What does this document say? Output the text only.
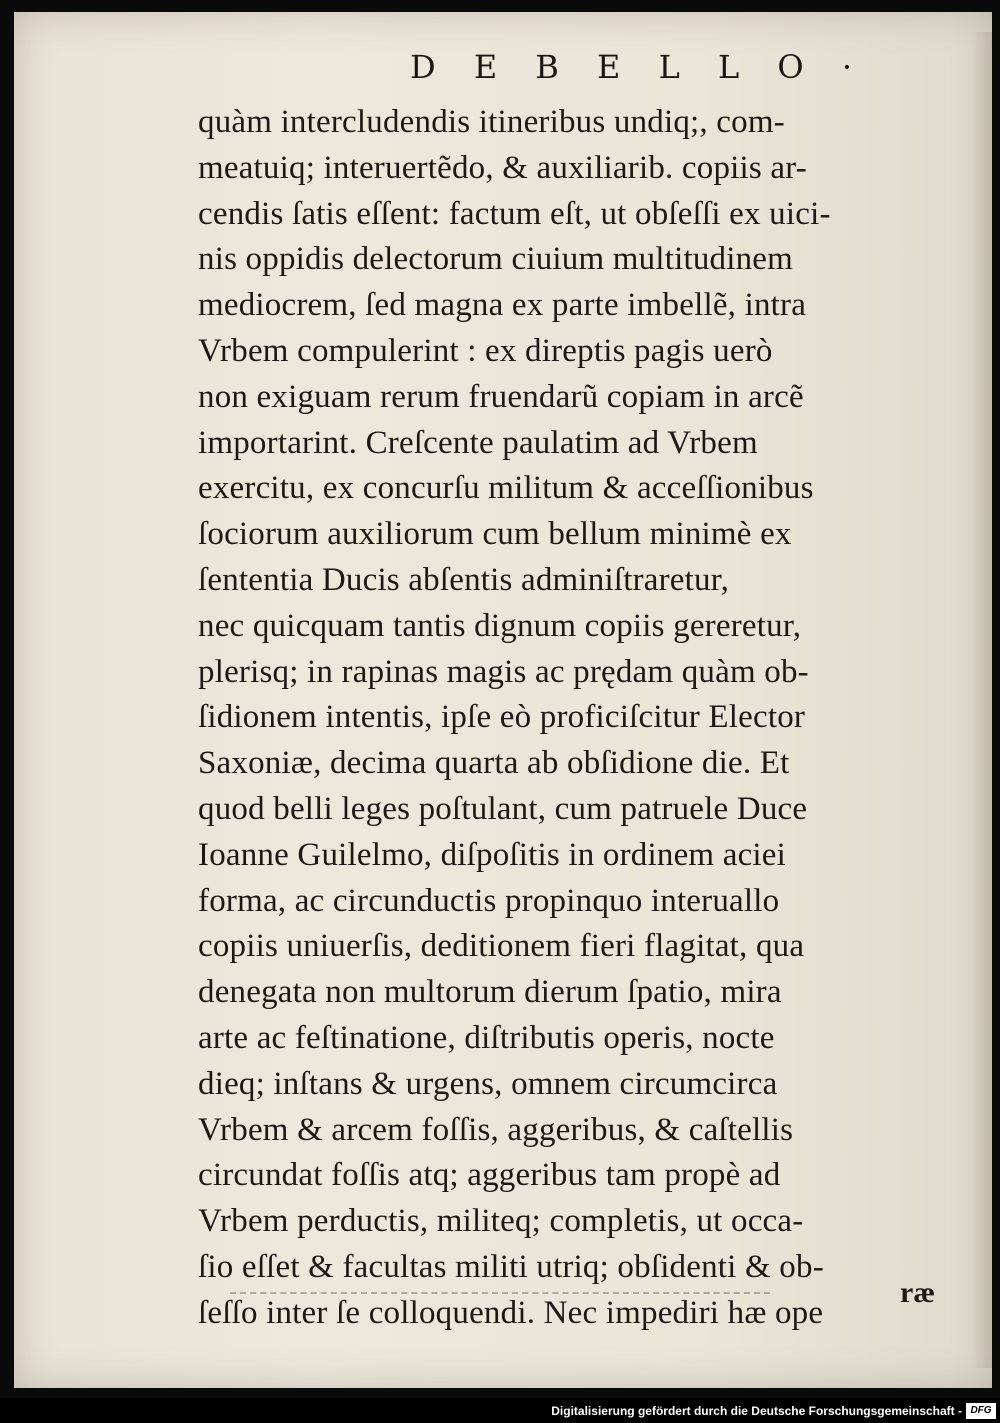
D E B E L L O ·
quàm intercludendis itineribus undiq;, com-
meatuiq; interuertẽdo, & auxiliarib. copiis ar-
cendis ſatis eſſent: factum eſt, ut obſeſſi ex uici-
nis oppidis delectorum ciuium multitudinem
mediocrem, ſed magna ex parte imbellẽ, intra
Vrbem compulerint : ex direptis pagis uerò
non exiguam rerum fruendarũ copiam in arcẽ
importarint. Creſcente paulatim ad Vrbem
exercitu, ex concurſu militum & acceſſionibus
ſociorum auxiliorum cum bellum minimè ex
ſententia Ducis abſentis adminiſtraretur,
nec quicquam tantis dignum copiis gereretur,
plerisq; in rapinas magis ac prędam quàm ob-
ſidionem intentis, ipſe eò proficiſcitur Elector
Saxoniæ, decima quarta ab obſidione die. Et
quod belli leges poſtulant, cum patruele Duce
Ioanne Guilelmo, diſpoſitis in ordinem aciei
forma, ac circunductis propinquo interuallo
copiis uniuerſis, deditionem fieri flagitat, qua
denegata non multorum dierum ſpatio, mira
arte ac feſtinatione, diſtributis operis, nocte
dieq; inſtans & urgens, omnem circumcirca
Vrbem & arcem foſſis, aggeribus, & caſtellis
circundat foſſis atq; aggeribus tam propè ad
Vrbem perductis, militeq; completis, ut occa-
ſio eſſet & facultas militi utriq; obſidenti & ob-
ſeſſo inter ſe colloquendi. Nec impediri hæ ope
ræ
Digitalisierung gefördert durch die Deutsche Forschungsgemeinschaft - DFG
